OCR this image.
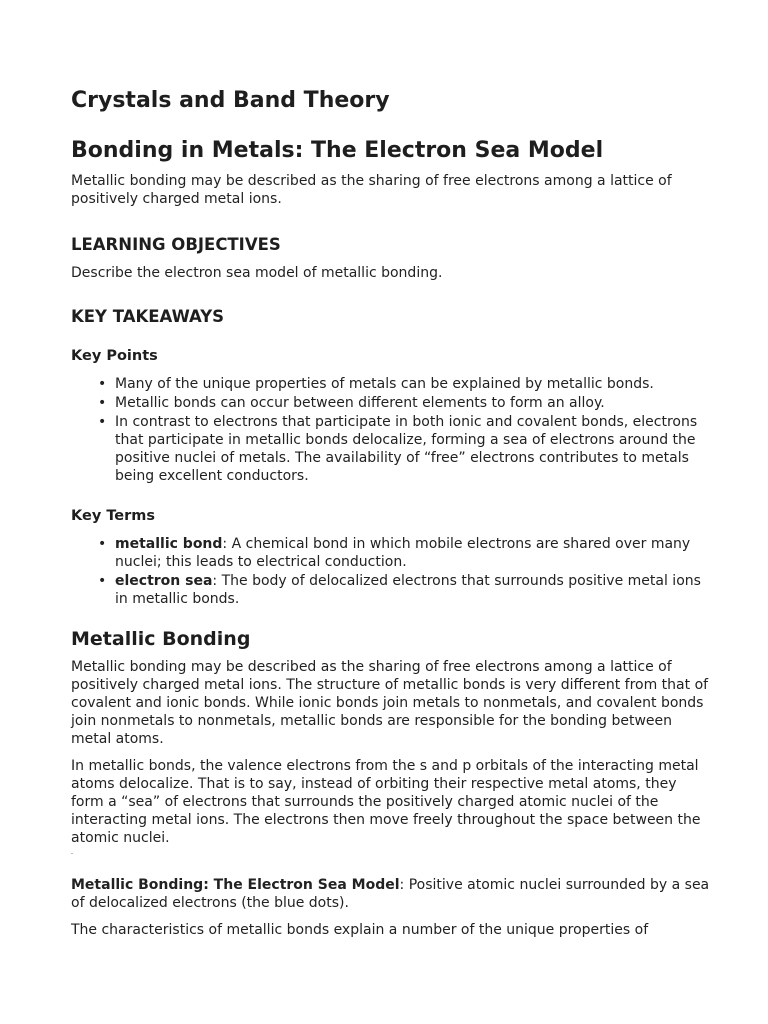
Crystals and Band Theory
Bonding in Metals: The Electron Sea Model

Metallic bonding may be described as the sharing of free electrons among a lattice of positively charged metal ions.

LEARNING OBJECTIVES

Describe the electron sea model of metallic bonding.

KEY TAKEAWAYS
Key Points
• Many of the unique properties of metals can be explained by metallic bonds.
• Metallic bonds can occur between different elements to form an alloy.
• In contrast to electrons that participate in both ionic and covalent bonds, electrons that participate in metallic bonds delocalize, forming a sea of electrons around the positive nuclei of metals. The availability of “free” electrons contributes to metals being excellent conductors.
Key Terms
• metallic bond: A chemical bond in which mobile electrons are shared over many nuclei; this leads to electrical conduction.
• electron sea: The body of delocalized electrons that surrounds positive metal ions in metallic bonds.
Metallic Bonding

Metallic bonding may be described as the sharing of free electrons among a lattice of positively charged metal ions. The structure of metallic bonds is very different from that of covalent and ionic bonds. While ionic bonds join metals to nonmetals, and covalent bonds join nonmetals to nonmetals, metallic bonds are responsible for the bonding between metal atoms.

In metallic bonds, the valence electrons from the s and p orbitals of the interacting metal atoms delocalize. That is to say, instead of orbiting their respective metal atoms, they form a “sea” of electrons that surrounds the positively charged atomic nuclei of the interacting metal ions. The electrons then move freely throughout the space between the atomic nuclei.

Metallic Bonding: The Electron Sea Model: Positive atomic nuclei surrounded by a sea of delocalized electrons (the blue dots).

The characteristics of metallic bonds explain a number of the unique properties of
